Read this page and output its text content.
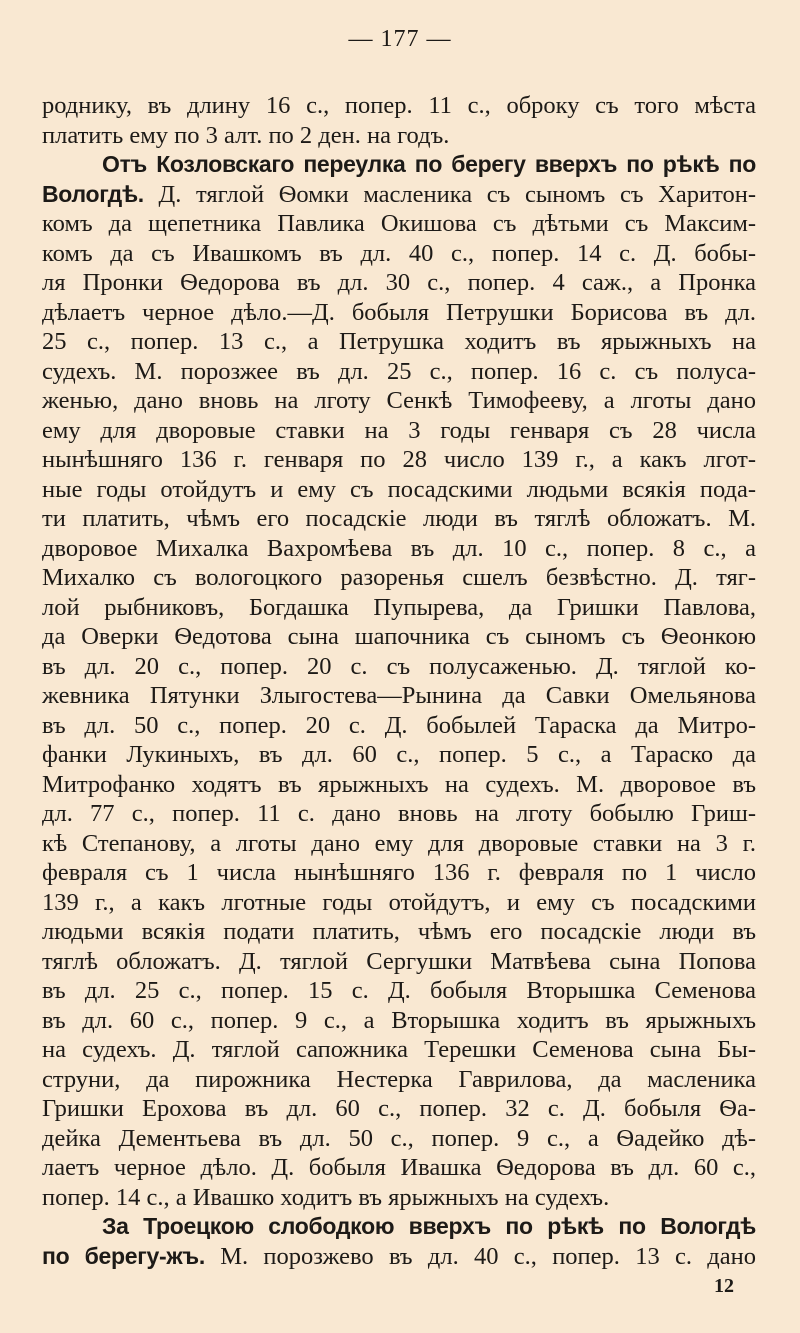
— 177 —
роднику, въ длину 16 с., попер. 11 с., оброку съ того мѣста
платить ему по 3 алт. по 2 ден. на годъ.
Отъ Козловскаго переулка по берегу вверхъ по рѣкѣ по
Вологдѣ. Д. тяглой Ѳомки масленика съ сыномъ съ Харитон-
комъ да щепетника Павлика Окишова съ дѣтьми съ Максим-
комъ да съ Ивашкомъ въ дл. 40 с., попер. 14 с. Д. бобы-
ля Пронки Ѳедорова въ дл. 30 с., попер. 4 саж., а Пронка
дѣлаетъ черное дѣло.—Д. бобыля Петрушки Борисова въ дл.
25 с., попер. 13 с., а Петрушка ходитъ въ ярыжныхъ на
судехъ. М. порозжее въ дл. 25 с., попер. 16 с. съ полуса-
женью, дано вновь на лготу Сенкѣ Тимофееву, а лготы дано
ему для дворовые ставки на 3 годы генваря съ 28 числа
нынѣшняго 136 г. генваря по 28 число 139 г., а какъ лгот-
ные годы отойдутъ и ему съ посадскими людьми всякія пода-
ти платить, чѣмъ его посадскіе люди въ тяглѣ обложатъ. М.
дворовое Михалка Вахромѣева въ дл. 10 с., попер. 8 с., а
Михалко съ вологоцкого разоренья сшелъ безвѣстно. Д. тяг-
лой рыбниковъ, Богдашка Пупырева, да Гришки Павлова,
да Оверки Ѳедотова сына шапочника съ сыномъ съ Ѳеонкою
въ дл. 20 с., попер. 20 с. съ полусаженью. Д. тяглой ко-
жевника Пятунки Злыгостева—Рынина да Савки Омельянова
въ дл. 50 с., попер. 20 с. Д. бобылей Тараска да Митро-
фанки Лукиныхъ, въ дл. 60 с., попер. 5 с., а Тараско да
Митрофанко ходятъ въ ярыжныхъ на судехъ. М. дворовое въ
дл. 77 с., попер. 11 с. дано вновь на лготу бобылю Гриш-
кѣ Степанову, а лготы дано ему для дворовые ставки на 3 г.
февраля съ 1 числа нынѣшняго 136 г. февраля по 1 число
139 г., а какъ лготные годы отойдутъ, и ему съ посадскими
людьми всякія подати платить, чѣмъ его посадскіе люди въ
тяглѣ обложатъ. Д. тяглой Сергушки Матвѣева сына Попова
въ дл. 25 с., попер. 15 с. Д. бобыля Вторышка Семенова
въ дл. 60 с., попер. 9 с., а Вторышка ходитъ въ ярыжныхъ
на судехъ. Д. тяглой сапожника Терешки Семенова сына Бы-
струни, да пирожника Нестерка Гаврилова, да масленика
Гришки Ерохова въ дл. 60 с., попер. 32 с. Д. бобыля Ѳа-
дейка Дементьева въ дл. 50 с., попер. 9 с., а Ѳадейко дѣ-
лаетъ черное дѣло. Д. бобыля Ивашка Ѳедорова въ дл. 60 с.,
попер. 14 с., а Ивашко ходитъ въ ярыжныхъ на судехъ.
За Троецкою слободкою вверхъ по рѣкѣ по Вологдѣ
по берегу-жъ. М. порозжево въ дл. 40 с., попер. 13 с. дано
12
